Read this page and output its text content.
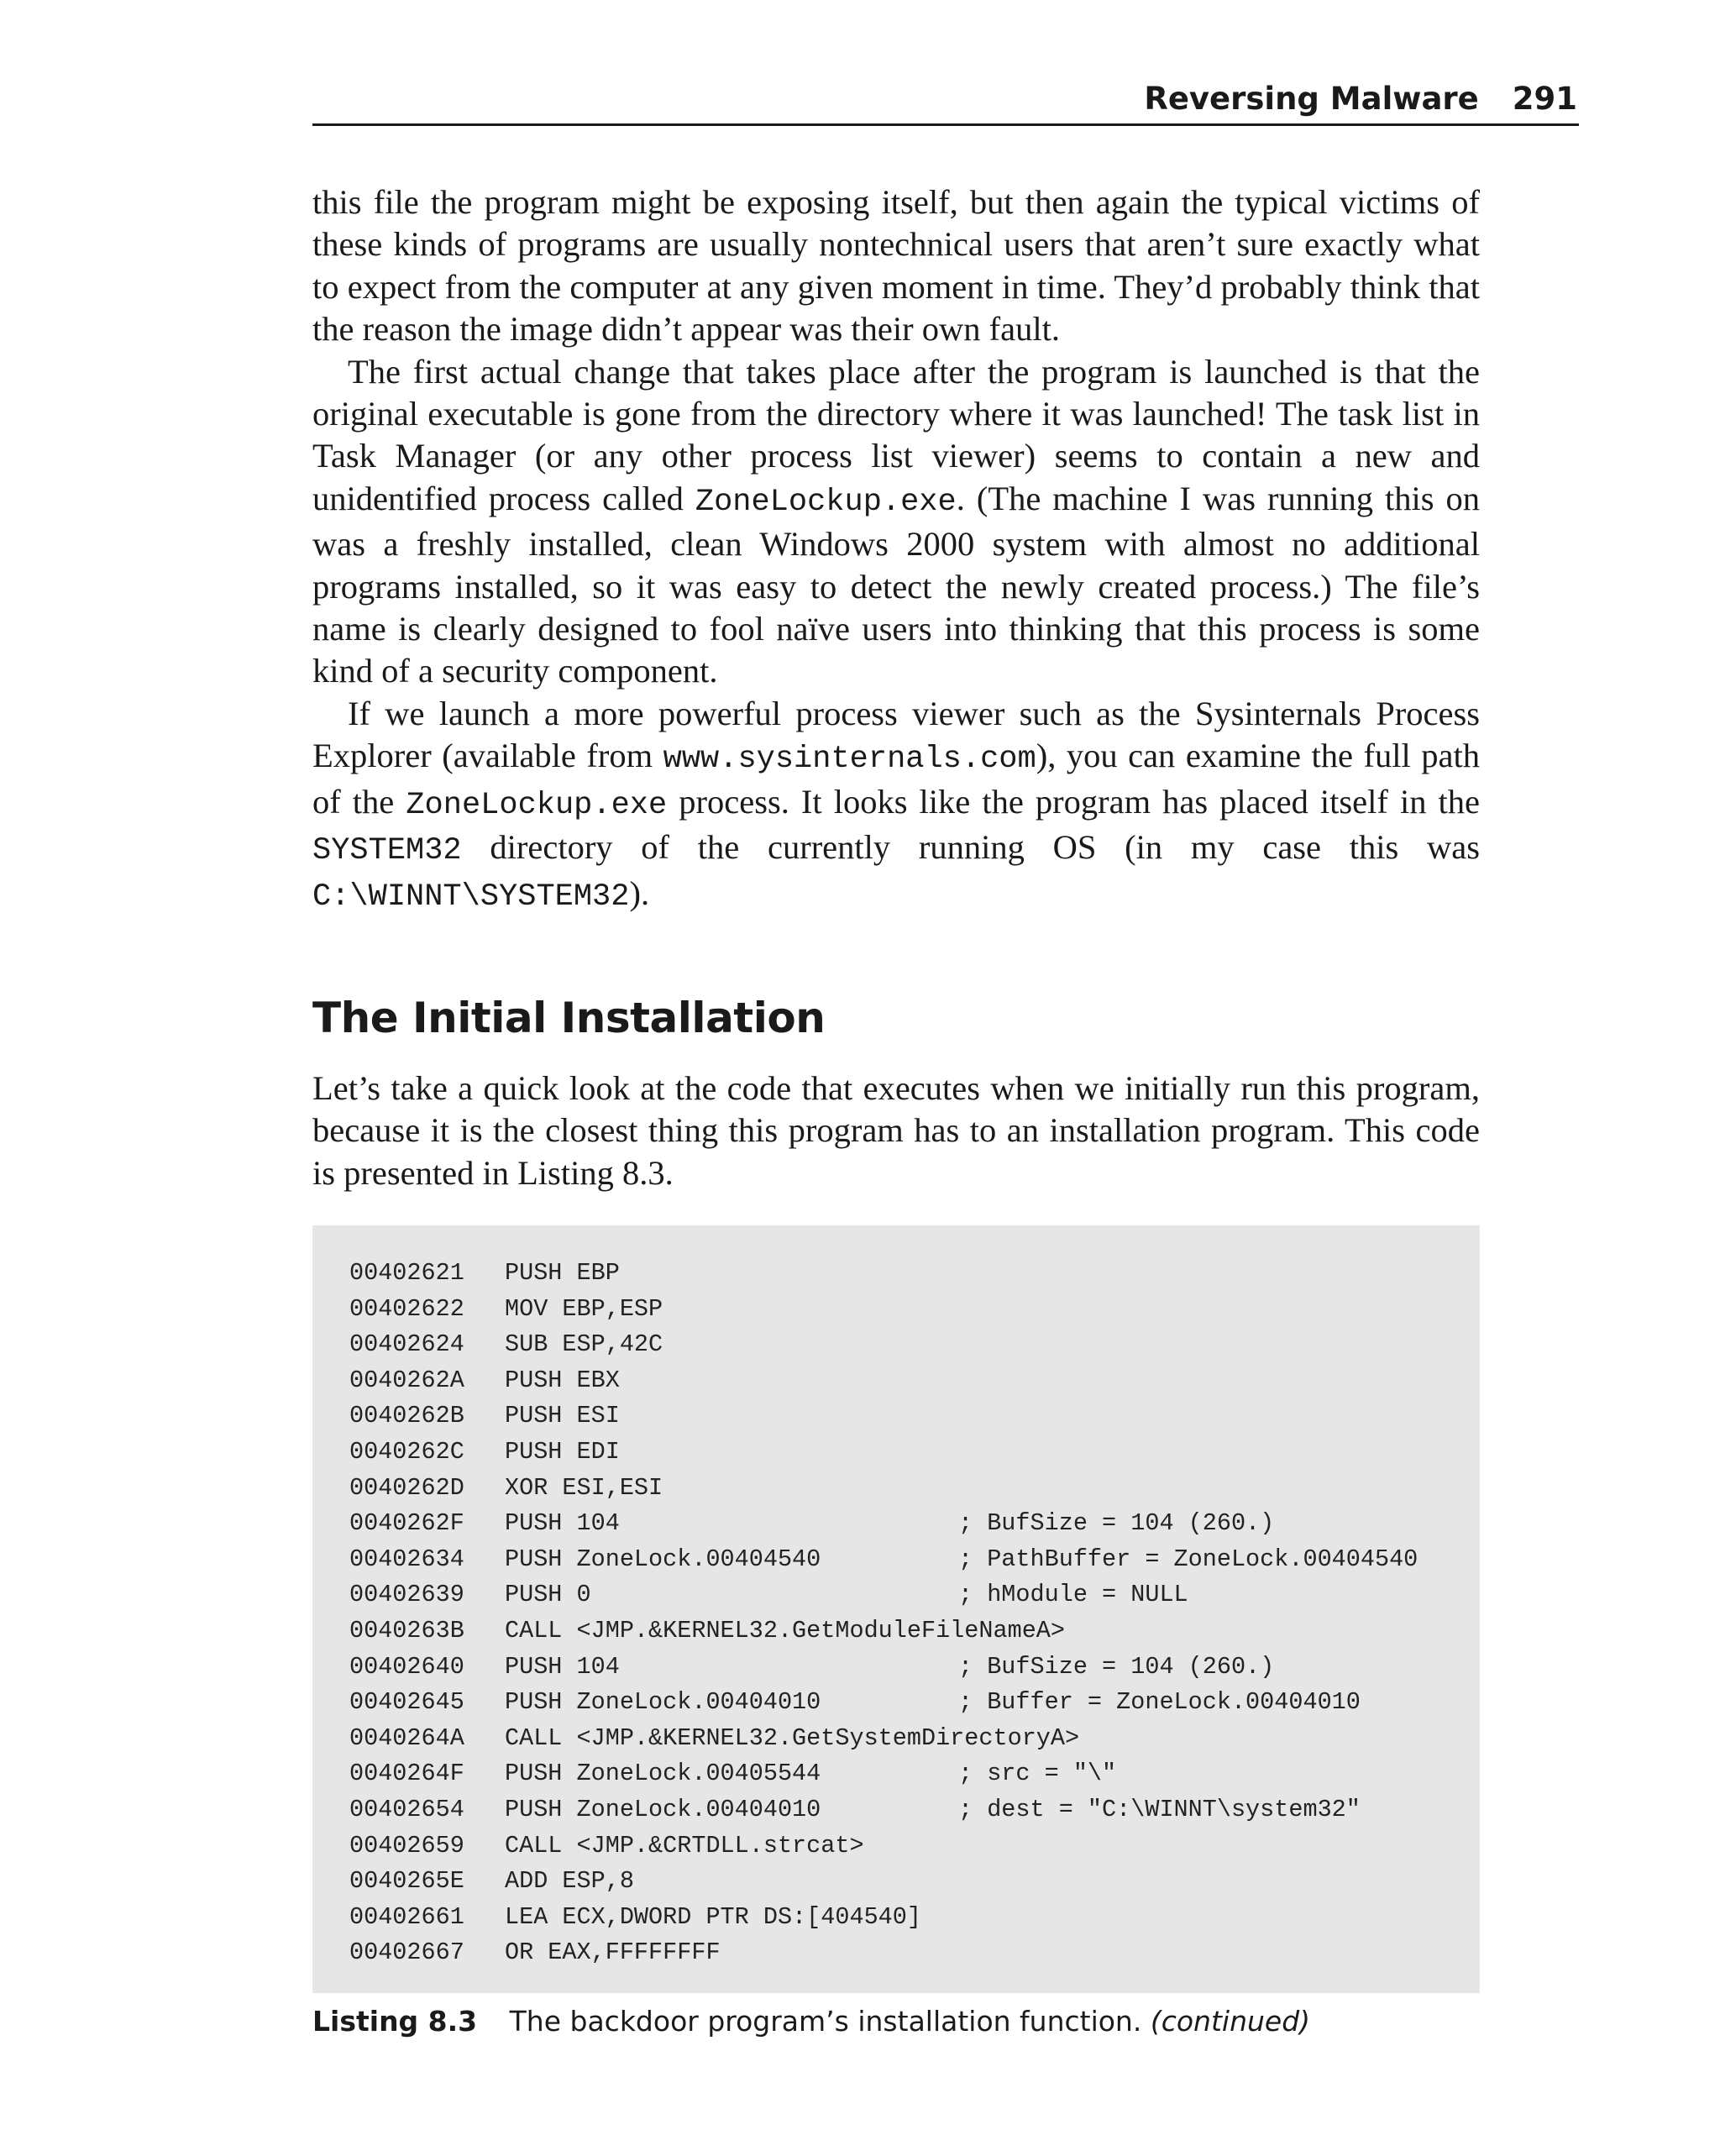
Reversing Malware 291

this file the program might be exposing itself, but then again the typical victims of these kinds of programs are usually nontechnical users that aren’t sure exactly what to expect from the computer at any given moment in time. They’d probably think that the reason the image didn’t appear was their own fault.

The first actual change that takes place after the program is launched is that the original executable is gone from the directory where it was launched! The task list in Task Manager (or any other process list viewer) seems to contain a new and unidentified process called ZoneLockup.exe. (The machine I was running this on was a freshly installed, clean Windows 2000 system with almost no additional programs installed, so it was easy to detect the newly created process.) The file’s name is clearly designed to fool naïve users into thinking that this process is some kind of a security component.

If we launch a more powerful process viewer such as the Sysinternals Process Explorer (available from www.sysinternals.com), you can examine the full path of the ZoneLockup.exe process. It looks like the program has placed itself in the SYSTEM32 directory of the currently running OS (in my case this was C:\WINNT\SYSTEM32).

The Initial Installation

Let’s take a quick look at the code that executes when we initially run this program, because it is the closest thing this program has to an installation program. This code is presented in Listing 8.3.

00402621 PUSH EBP
00402622 MOV EBP,ESP
00402624 SUB ESP,42C
0040262A PUSH EBX
0040262B PUSH ESI
0040262C PUSH EDI
0040262D XOR ESI,ESI
0040262F PUSH 104	; BufSize = 104 (260.)
00402634 PUSH ZoneLock.00404540	; PathBuffer = ZoneLock.00404540
00402639 PUSH 0	; hModule = NULL
0040263B CALL <JMP.&KERNEL32.GetModuleFileNameA>
00402640 PUSH 104	; BufSize = 104 (260.)
00402645 PUSH ZoneLock.00404010	; Buffer = ZoneLock.00404010
0040264A CALL <JMP.&KERNEL32.GetSystemDirectoryA>
0040264F PUSH ZoneLock.00405544	; src = "\"
00402654 PUSH ZoneLock.00404010	; dest = "C:\WINNT\system32"
00402659 CALL <JMP.&CRTDLL.strcat>
0040265E ADD ESP,8
00402661 LEA ECX,DWORD PTR DS:[404540]
00402667 OR EAX,FFFFFFFF
Listing 8.3 The backdoor program’s installation function. (continued)
